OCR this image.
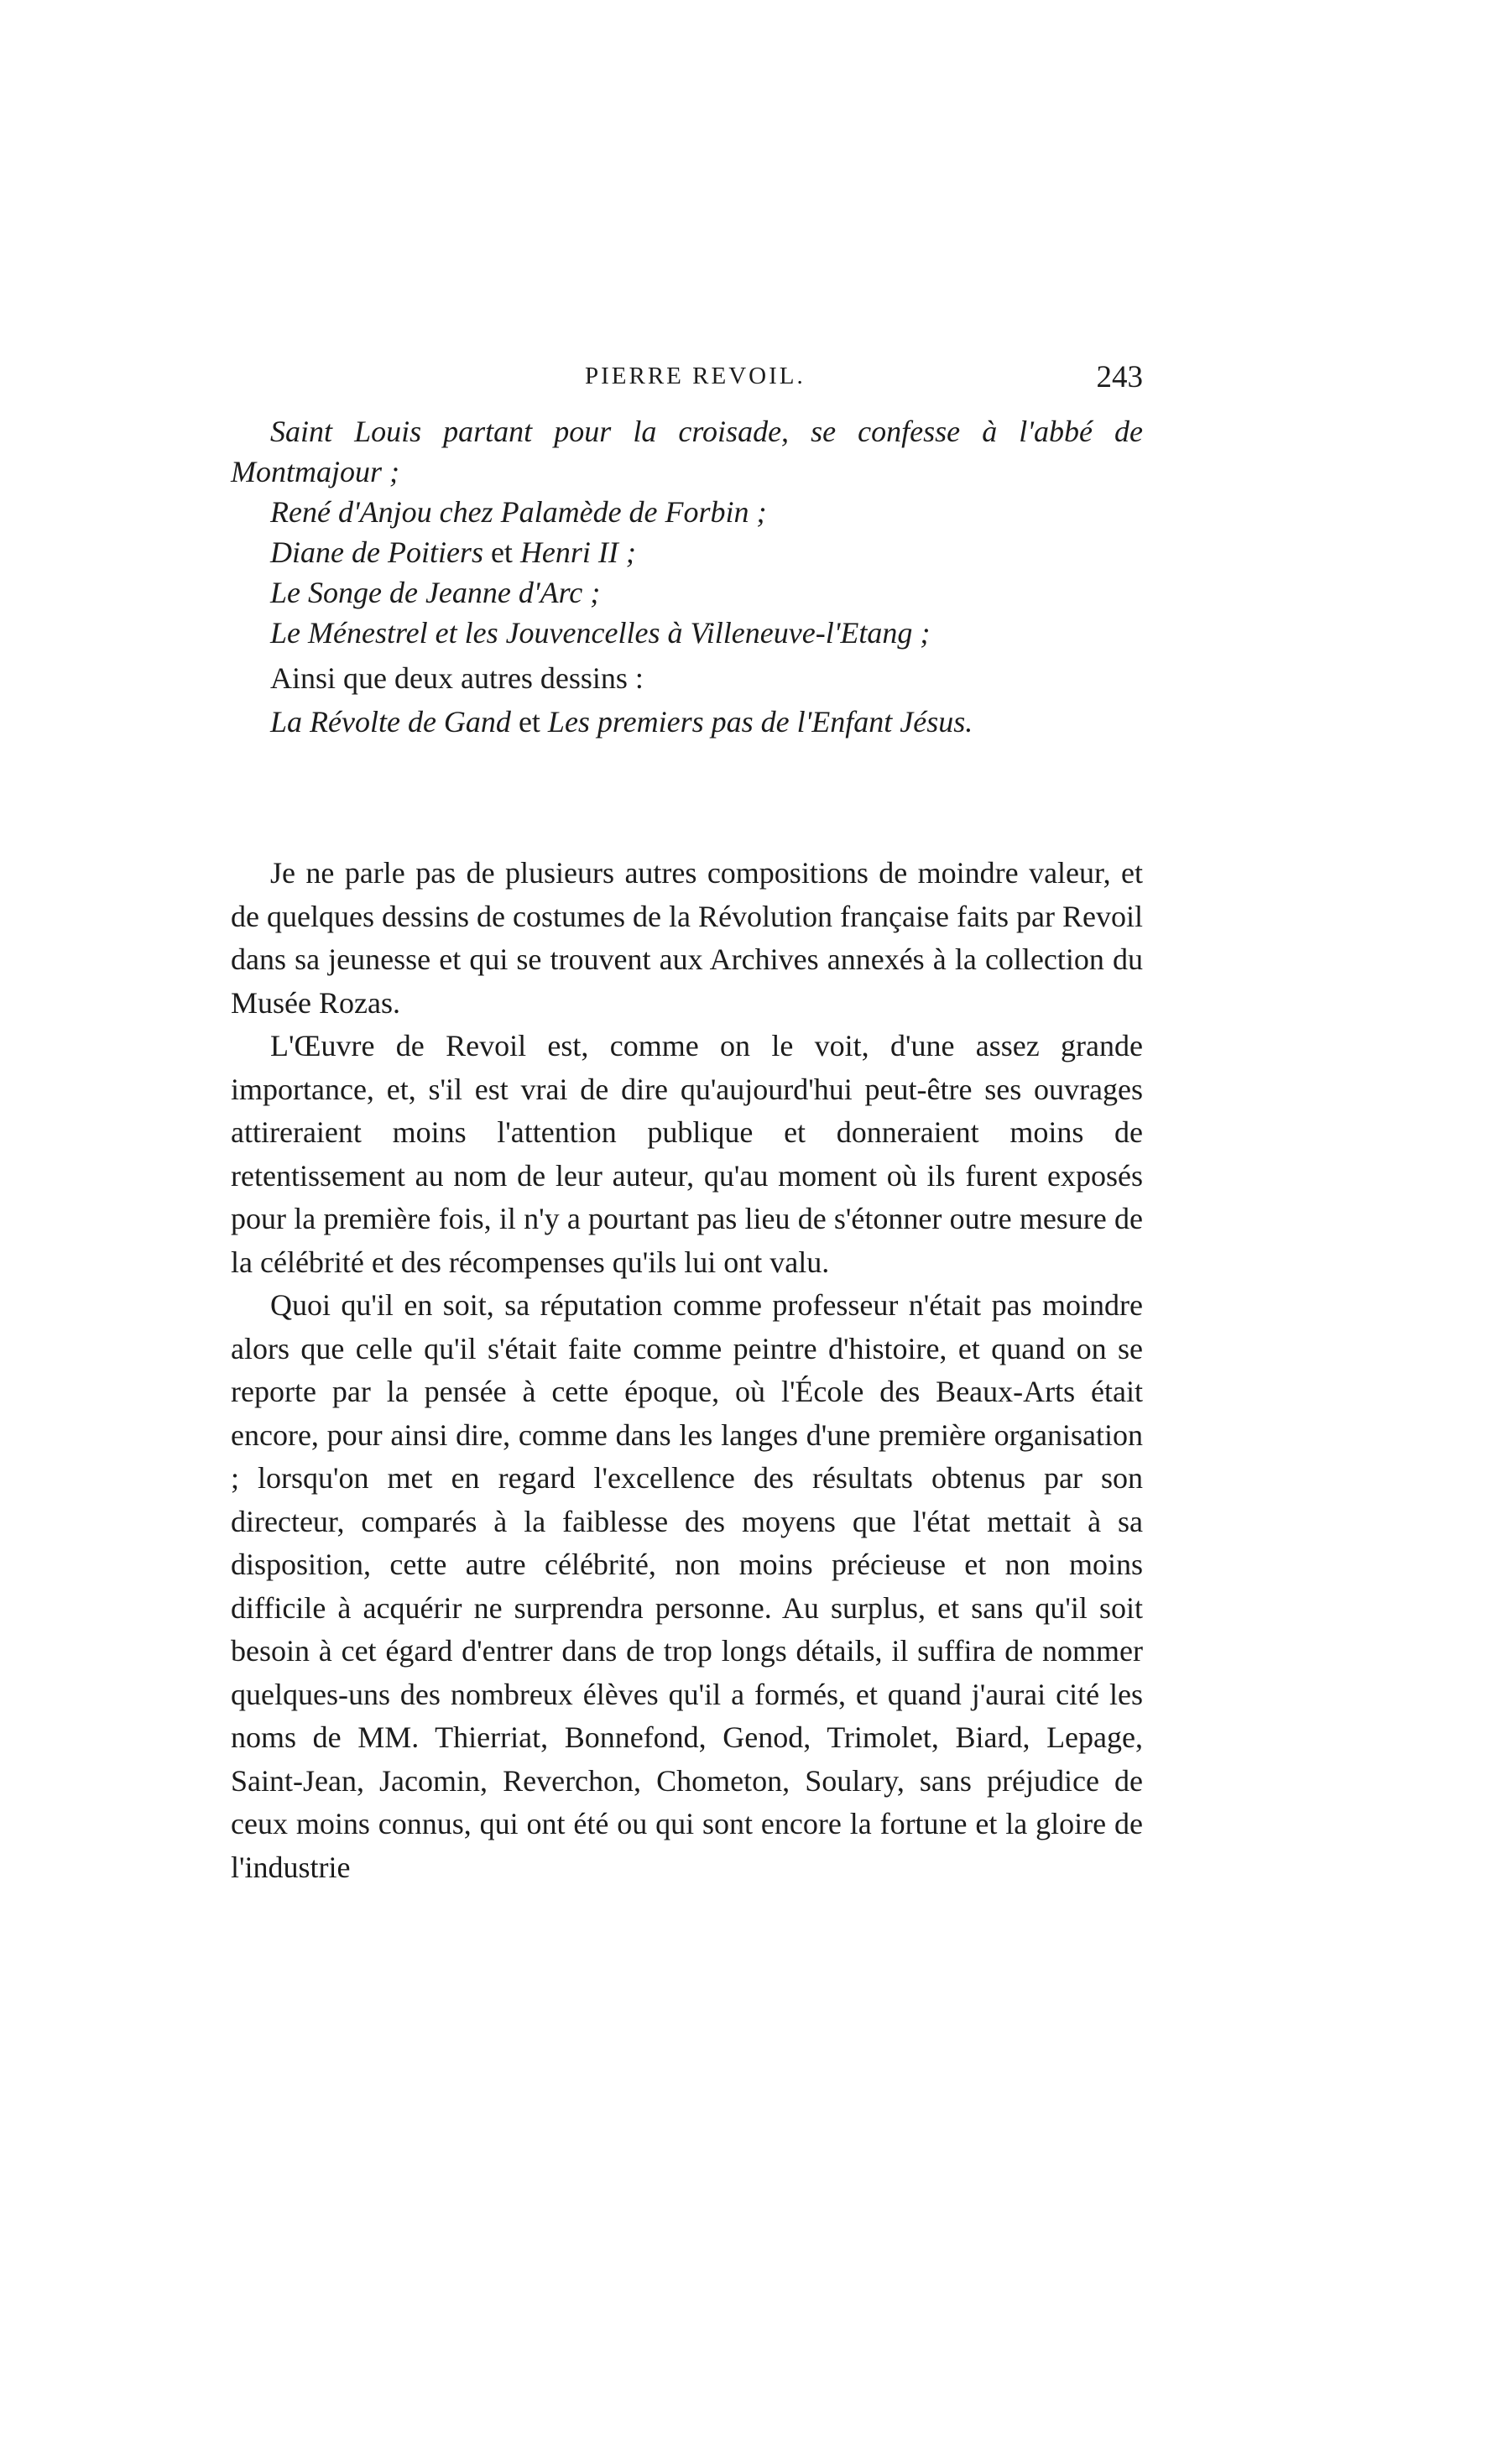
PIERRE REVOIL.	243

Saint Louis partant pour la croisade, se confesse à l'abbé de

Montmajour ;

René d'Anjou chez Palamède de Forbin ;

Diane de Poitiers et Henri II ;

Le Songe de Jeanne d'Arc ;

Le Ménestrel et les Jouvencelles à Villeneuve-l'Etang ;

Ainsi que deux autres dessins :

La Révolte de Gand et Les premiers pas de l'Enfant Jésus.

Je ne parle pas de plusieurs autres compositions de moindre valeur, et de quelques dessins de costumes de la Révolution française faits par Revoil dans sa jeunesse et qui se trouvent aux Archives annexés à la collection du Musée Rozas.

L'Œuvre de Revoil est, comme on le voit, d'une assez grande importance, et, s'il est vrai de dire qu'aujourd'hui peut-être ses ouvrages attireraient moins l'attention publique et donneraient moins de retentissement au nom de leur auteur, qu'au moment où ils furent exposés pour la première fois, il n'y a pourtant pas lieu de s'étonner outre mesure de la célébrité et des récompenses qu'ils lui ont valu.

Quoi qu'il en soit, sa réputation comme professeur n'était pas moindre alors que celle qu'il s'était faite comme peintre d'histoire, et quand on se reporte par la pensée à cette époque, où l'École des Beaux-Arts était encore, pour ainsi dire, comme dans les langes d'une première organisation ; lorsqu'on met en regard l'excellence des résultats obtenus par son directeur, comparés à la faiblesse des moyens que l'état mettait à sa disposition, cette autre célébrité, non moins précieuse et non moins difficile à acquérir ne surprendra personne. Au surplus, et sans qu'il soit besoin à cet égard d'entrer dans de trop longs détails, il suffira de nommer quelques-uns des nombreux élèves qu'il a formés, et quand j'aurai cité les noms de MM. Thierriat, Bonnefond, Genod, Trimolet, Biard, Lepage, Saint-Jean, Jacomin, Reverchon, Chometon, Soulary, sans préjudice de ceux moins connus, qui ont été ou qui sont encore la fortune et la gloire de l'industrie
